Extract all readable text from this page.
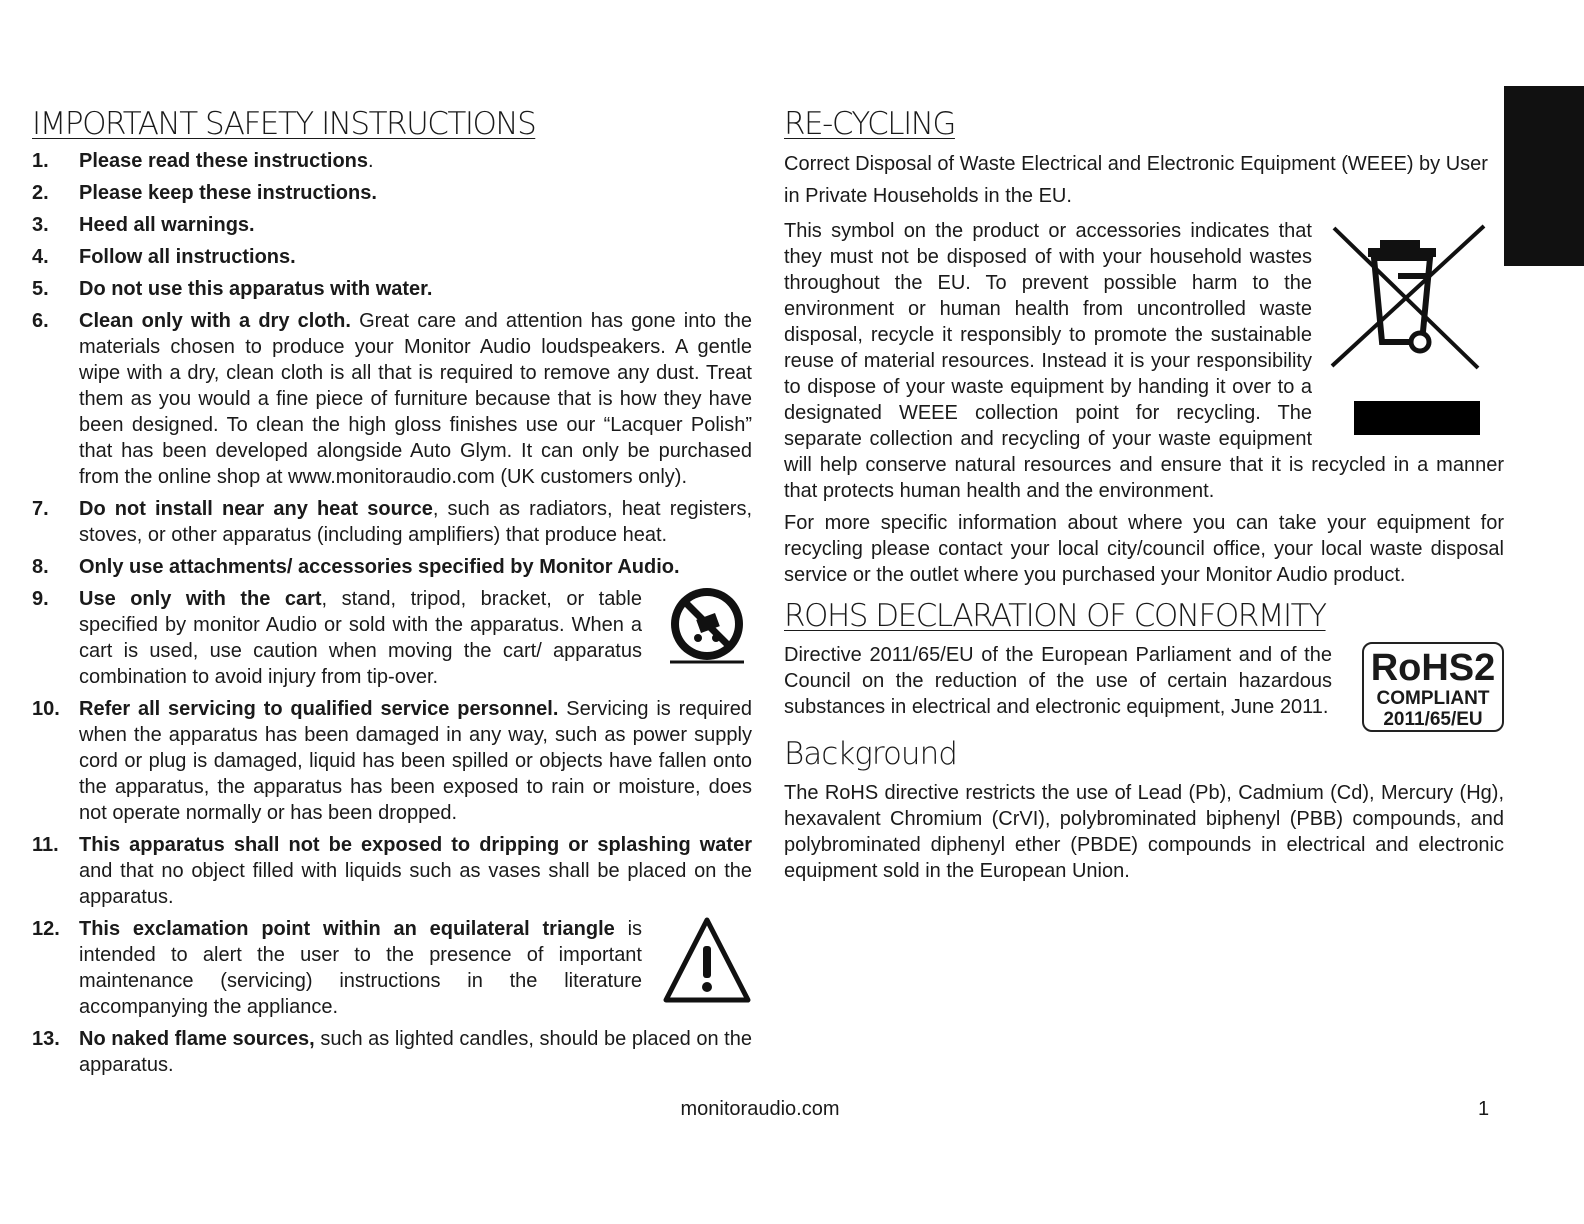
IMPORTANT SAFETY INSTRUCTIONS
1. Please read these instructions.
2. Please keep these instructions.
3. Heed all warnings.
4. Follow all instructions.
5. Do not use this apparatus with water.
6. Clean only with a dry cloth. Great care and attention has gone into the materials chosen to produce your Monitor Audio loudspeakers. A gentle wipe with a dry, clean cloth is all that is required to remove any dust. Treat them as you would a fine piece of furniture because that is how they have been designed. To clean the high gloss finishes use our “Lacquer Polish” that has been developed alongside Auto Glym. It can only be purchased from the online shop at www.monitoraudio.com (UK customers only).
7. Do not install near any heat source, such as radiators, heat registers, stoves, or other apparatus (including amplifiers) that produce heat.
8. Only use attachments/ accessories specified by Monitor Audio.
9. Use only with the cart, stand, tripod, bracket, or table specified by monitor Audio or sold with the apparatus. When a cart is used, use caution when moving the cart/ apparatus combination to avoid injury from tip-over.
10. Refer all servicing to qualified service personnel. Servicing is required when the apparatus has been damaged in any way, such as power supply cord or plug is damaged, liquid has been spilled or objects have fallen onto the apparatus, the apparatus has been exposed to rain or moisture, does not operate normally or has been dropped.
11. This apparatus shall not be exposed to dripping or splashing water and that no object filled with liquids such as vases shall be placed on the apparatus.
12. This exclamation point within an equilateral triangle is intended to alert the user to the presence of important maintenance (servicing) instructions in the literature accompanying the appliance.
13. No naked flame sources, such as lighted candles, should be placed on the apparatus.
RE-CYCLING
Correct Disposal of Waste Electrical and Electronic Equipment (WEEE) by User in Private Households in the EU.
This symbol on the product or accessories indicates that they must not be disposed of with your household wastes throughout the EU. To prevent possible harm to the environment or human health from uncontrolled waste disposal, recycle it responsibly to promote the sustainable reuse of material resources. Instead it is your responsibility to dispose of your waste equipment by handing it over to a designated WEEE collection point for recycling. The separate collection and recycling of your waste equipment will help conserve natural resources and ensure that it is recycled in a manner that protects human health and the environment.
For more specific information about where you can take your equipment for recycling please contact your local city/council office, your local waste disposal service or the outlet where you purchased your Monitor Audio product.
ROHS DECLARATION OF CONFORMITY
RoHS2
COMPLIANT
2011/65/EU
Directive 2011/65/EU of the European Parliament and of the Council on the reduction of the use of certain hazardous substances in electrical and electronic equipment, June 2011.
Background
The RoHS directive restricts the use of Lead (Pb), Cadmium (Cd), Mercury (Hg), hexavalent Chromium (CrVI), polybrominated biphenyl (PBB) compounds, and polybrominated diphenyl ether (PBDE) compounds in electrical and electronic equipment sold in the European Union.
monitoraudio.com	1
